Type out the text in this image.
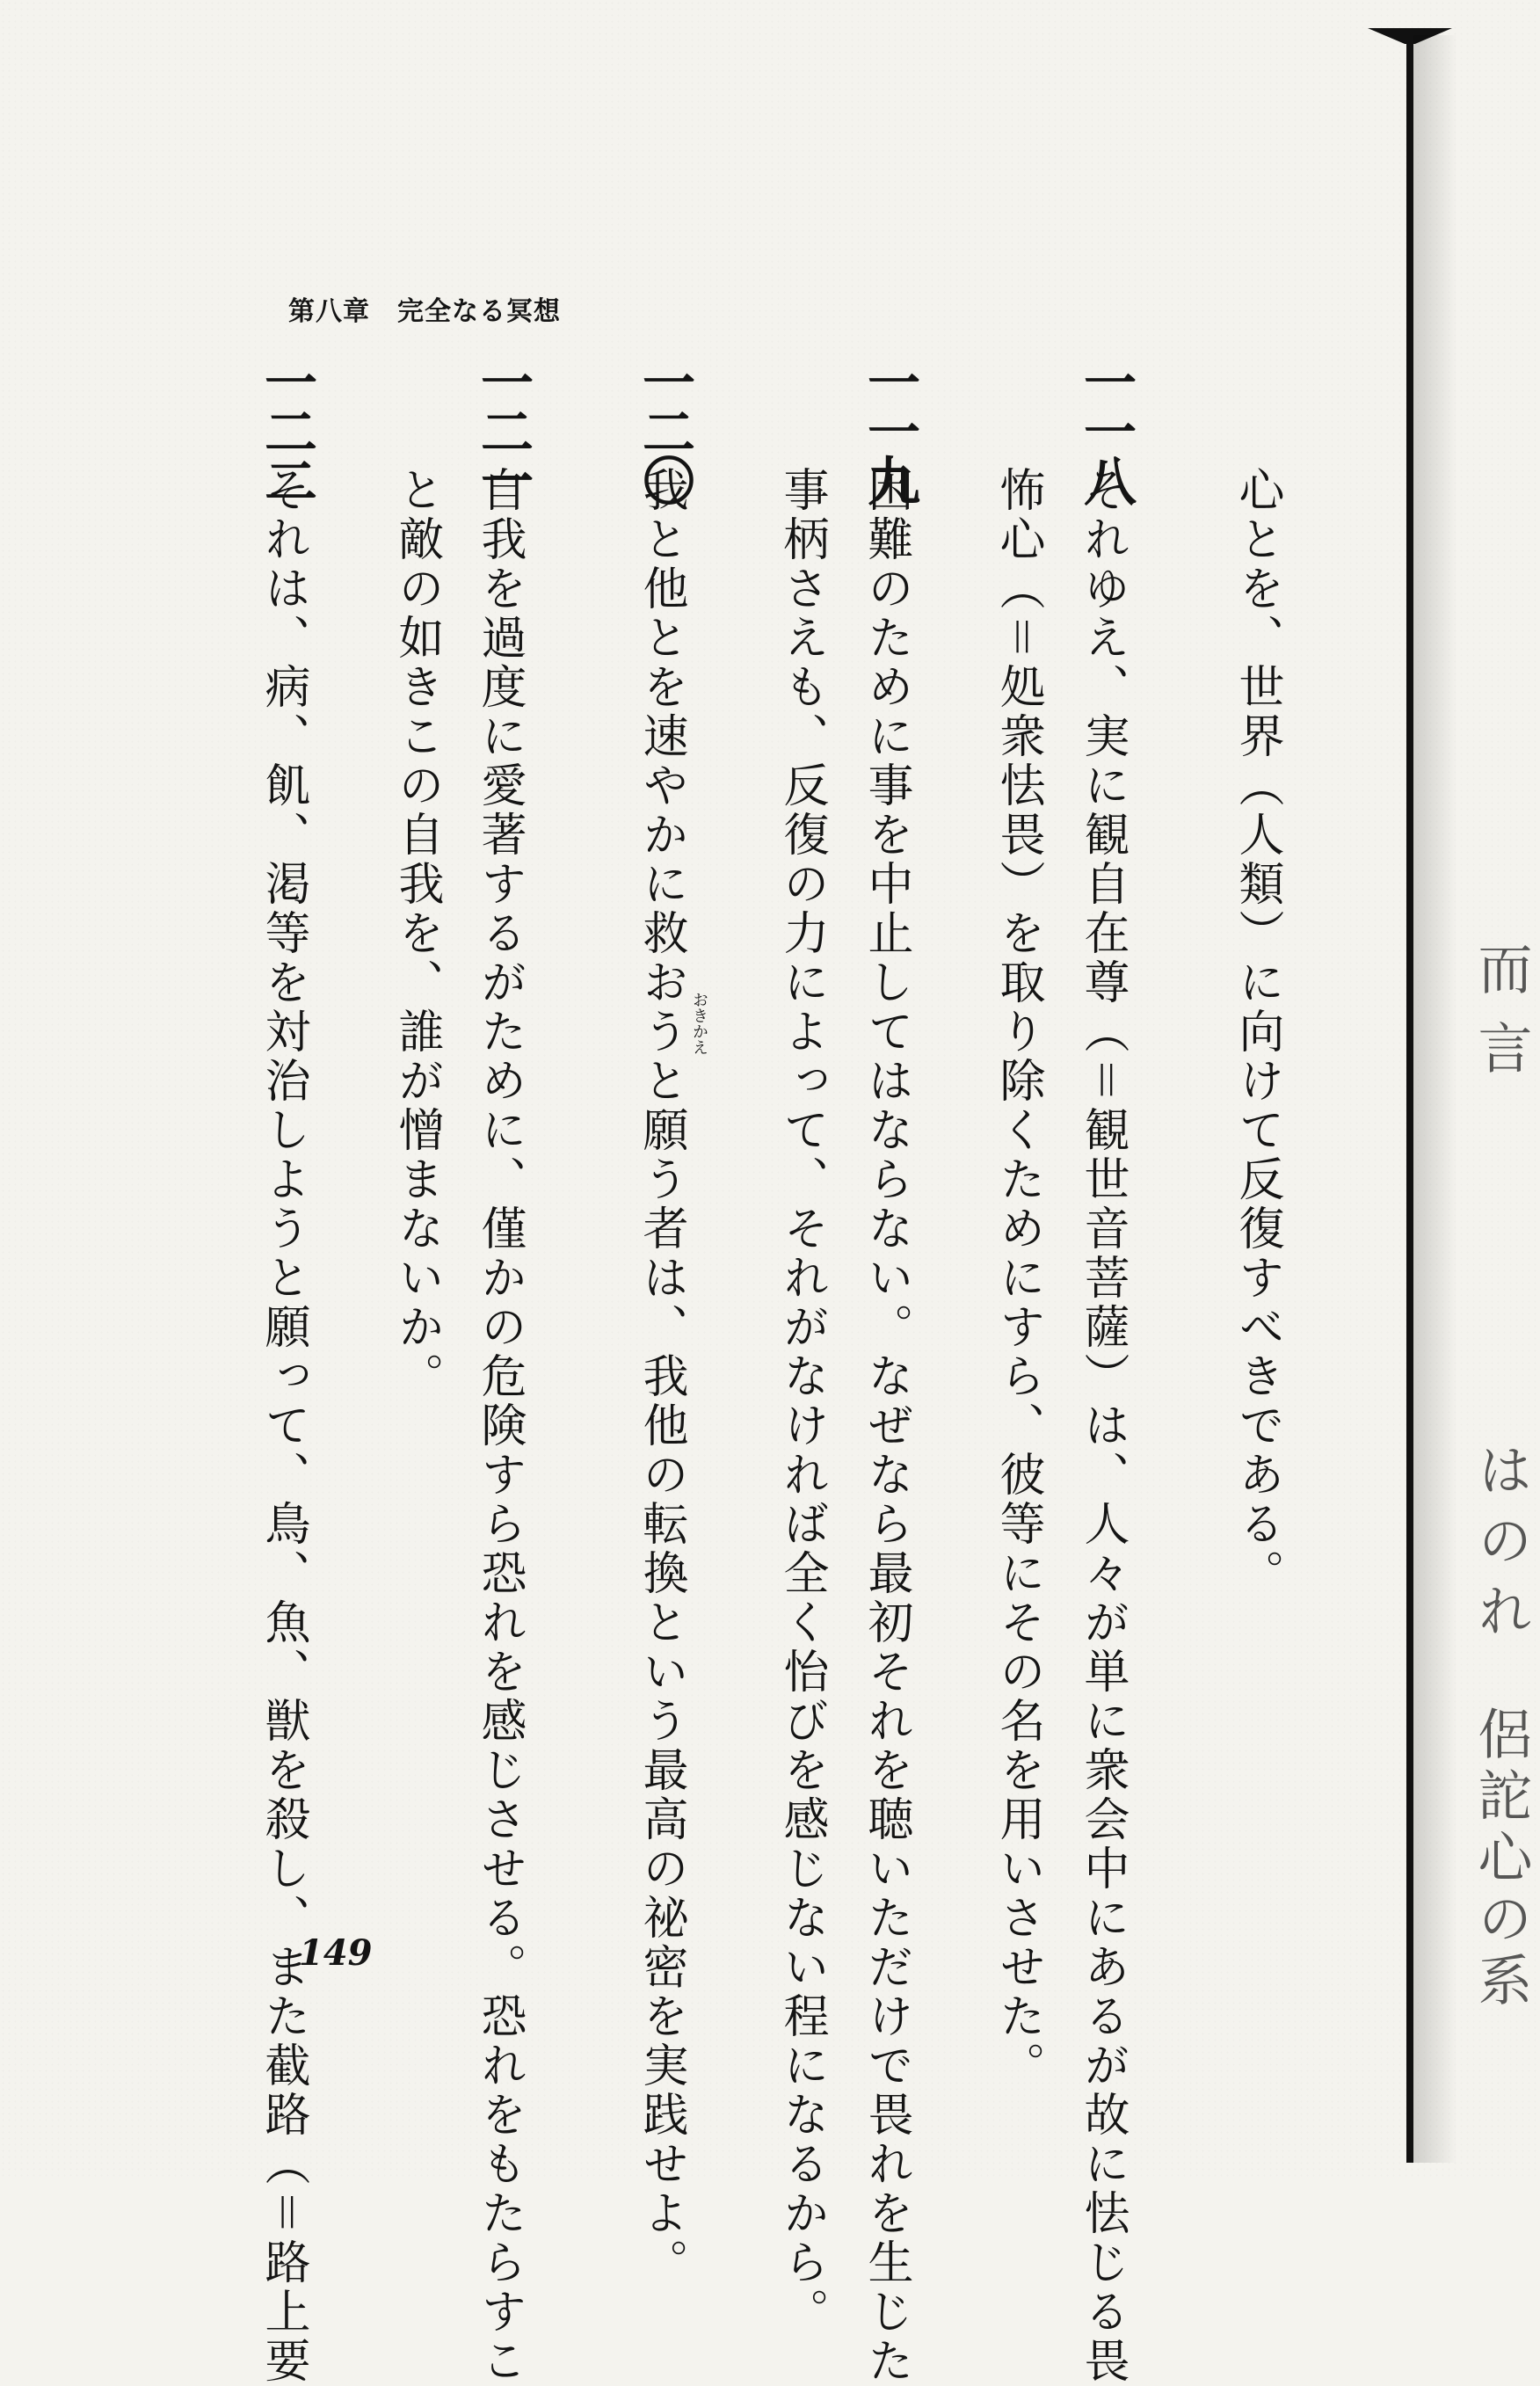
而
言
は
の
れ
侶
詑
心
の
系
第八章　完全なる冥想
心とを、世界（人類）に向けて反復すべきである。
一一八
それゆえ、実に観自在尊（＝観世音菩薩）は、人々が単に衆会中にあるが故に怯じる畏
怖心（＝処衆怯畏）を取り除くためにすら、彼等にその名を用いさせた。
一一九
困難のために事を中止してはならない。なぜなら最初それを聴いただけで畏れを生じた
事柄さえも、反復の力によって、それがなければ全く怡びを感じない程になるから。
一二〇
我と他とを速やかに救おうと願う者は、我他の転換という最高の祕密を実践せよ。 おきかえ
一二一
自我を過度に愛著するがために、僅かの危険すら恐れを感じさせる。恐れをもたらすこ
と敵の如きこの自我を、誰が憎まないか。
一二二
それは、病、飢、渇等を対治しようと願って、鳥、魚、獣を殺し、また截路（＝路上要
149
